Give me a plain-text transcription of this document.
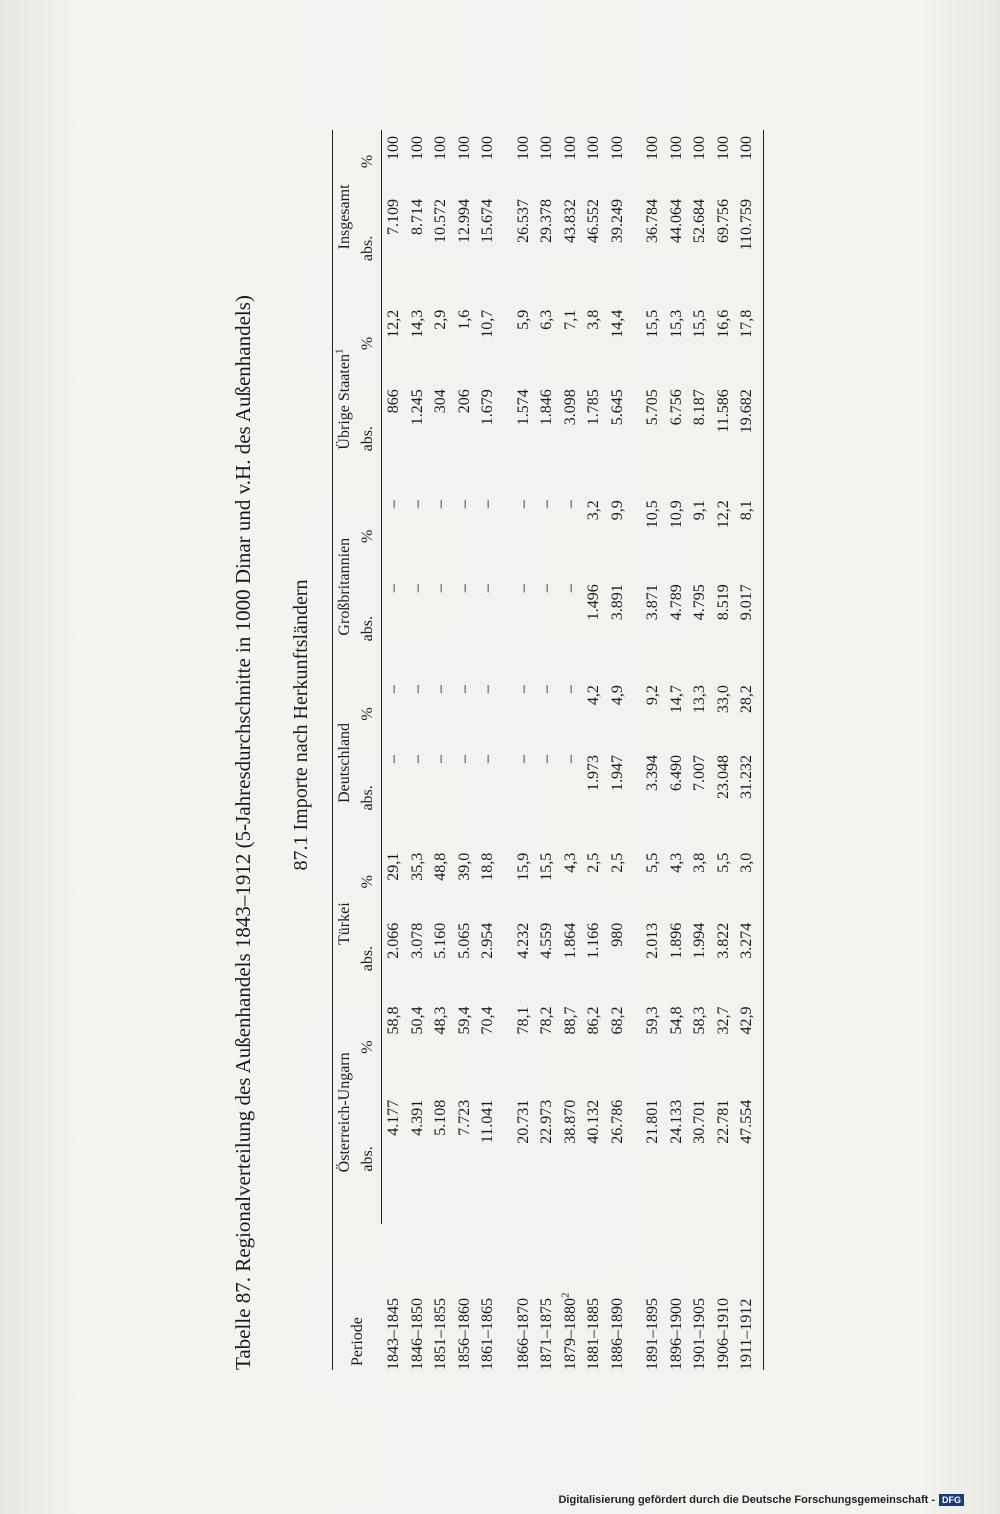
Tabelle 87. Regionalverteilung des Außenhandels 1843–1912 (5-Jahresdurchschnitte in 1000 Dinar und v.H. des Außenhandels) 87.1 Importe nach Herkunftsländern
Periode	Österreich-Ungarn		Türkei		Deutschland		Großbritannien		Übrige Staaten$^1$		Insgesamt	
	abs.	%	abs.	%	abs.	%	abs.	%	abs.	%	abs.	%
1843–1845	4.177	58,8	2.066	29,1	–	–	–	–	866	12,2	7.109	100
1846–1850	4.391	50,4	3.078	35,3	–	–	–	–	1.245	14,3	8.714	100
1851–1855	5.108	48,3	5.160	48,8	–	–	–	–	304	2,9	10.572	100
1856–1860	7.723	59,4	5.065	39,0	–	–	–	–	206	1,6	12.994	100
1861–1865	11.041	70,4	2.954	18,8	–	–	–	–	1.679	10,7	15.674	100

1866–1870	20.731	78,1	4.232	15,9	–	–	–	–	1.574	5,9	26.537	100
1871–1875	22.973	78,2	4.559	15,5	–	–	–	–	1.846	6,3	29.378	100
1879–1880$^2$	38.870	88,7	1.864	4,3	–	–	–	–	3.098	7,1	43.832	100
1881–1885	40.132	86,2	1.166	2,5	1.973	4,2	1.496	3,2	1.785	3,8	46.552	100
1886–1890	26.786	68,2	980	2,5	1.947	4,9	3.891	9,9	5.645	14,4	39.249	100

1891–1895	21.801	59,3	2.013	5,5	3.394	9,2	3.871	10,5	5.705	15,5	36.784	100
1896–1900	24.133	54,8	1.896	4,3	6.490	14,7	4.789	10,9	6.756	15,3	44.064	100
1901–1905	30.701	58,3	1.994	3,8	7.007	13,3	4.795	9,1	8.187	15,5	52.684	100
1906–1910	22.781	32,7	3.822	5,5	23.048	33,0	8.519	12,2	11.586	16,6	69.756	100
1911–1912	47.554	42,9	3.274	3,0	31.232	28,2	9.017	8,1	19.682	17,8	110.759	100
Digitalisierung gefördert durch die Deutsche Forschungsgemeinschaft - DFG
